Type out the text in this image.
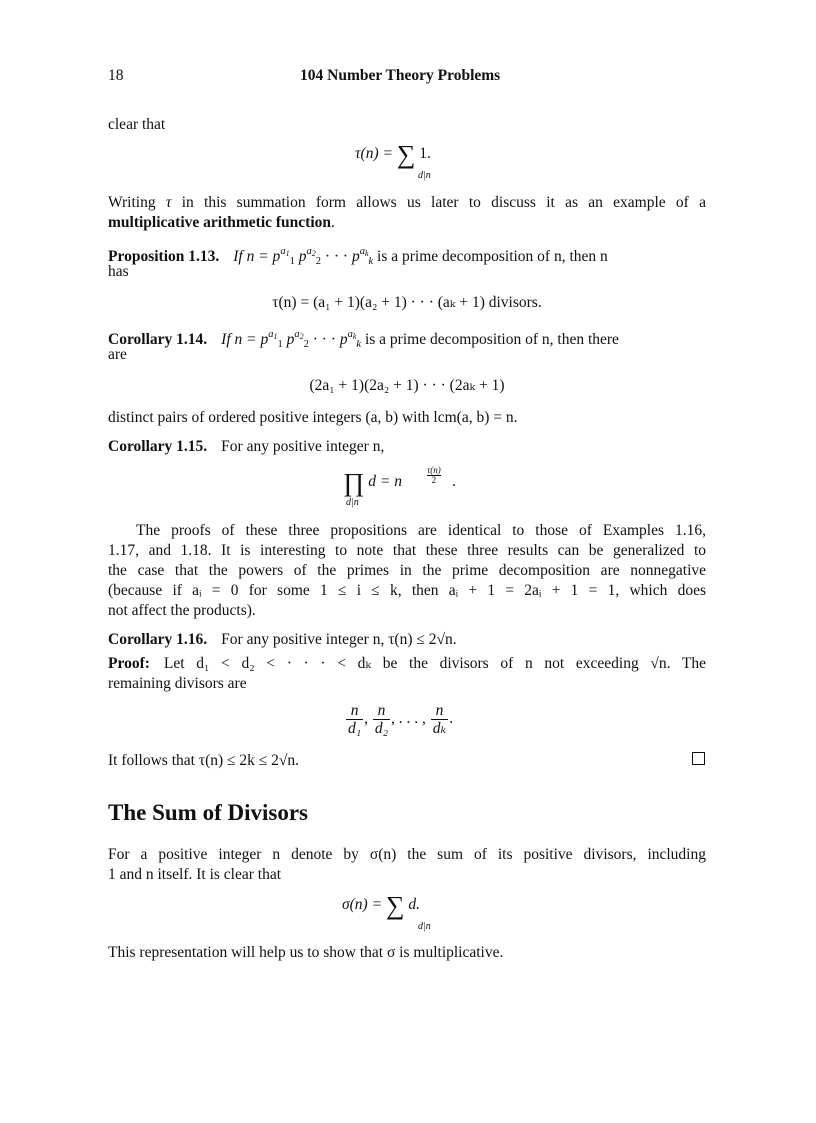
18	104 Number Theory Problems
clear that
τ(n) = ∑ 1.
d|n
Writing τ in this summation form allows us later to discuss it as an example of a
multiplicative arithmetic function.
Proposition 1.13. If $n = p^{a1}_1$ $p^{a2}_2$ · · · $p^{ak}_k$ is a prime decomposition of n, then n
has
τ(n) = (a₁ + 1)(a₂ + 1) · · · (aₖ + 1) divisors.
Corollary 1.14. If $n = p^{a1}_1$ $p^{a2}_2$ · · · $p^{ak}_k$ is a prime decomposition of n, then there
are
(2a₁ + 1)(2a₂ + 1) · · · (2aₖ + 1)
distinct pairs of ordered positive integers (a, b) with lcm(a, b) = n.
Corollary 1.15. For any positive integer n,
∏ d = n	$\frac{\tau(n)}{2}$ .
d|n
The proofs of these three propositions are identical to those of Examples 1.16,
1.17, and 1.18. It is interesting to note that these three results can be generalized to
the case that the powers of the primes in the prime decomposition are nonnegative
(because if aᵢ = 0 for some 1 ≤ i ≤ k, then aᵢ + 1 = 2aᵢ + 1 = 1, which does
not affect the products).
Corollary 1.16. For any positive integer n, τ(n) ≤ 2√n.
Proof: Let d₁ < d₂ < · · · < dₖ be the divisors of n not exceeding √n. The
remaining divisors are
$\frac{n}{\text{d₁}}$ , $\frac{n}{\text{d₂}}$ , . . . , $\frac{n}{\text{dₖ}}$ .
It follows that τ(n) ≤ 2k ≤ 2√n.
The Sum of Divisors
For a positive integer n denote by σ(n) the sum of its positive divisors, including
1 and n itself. It is clear that
σ(n) = ∑ d.
d|n
This representation will help us to show that σ is multiplicative.
